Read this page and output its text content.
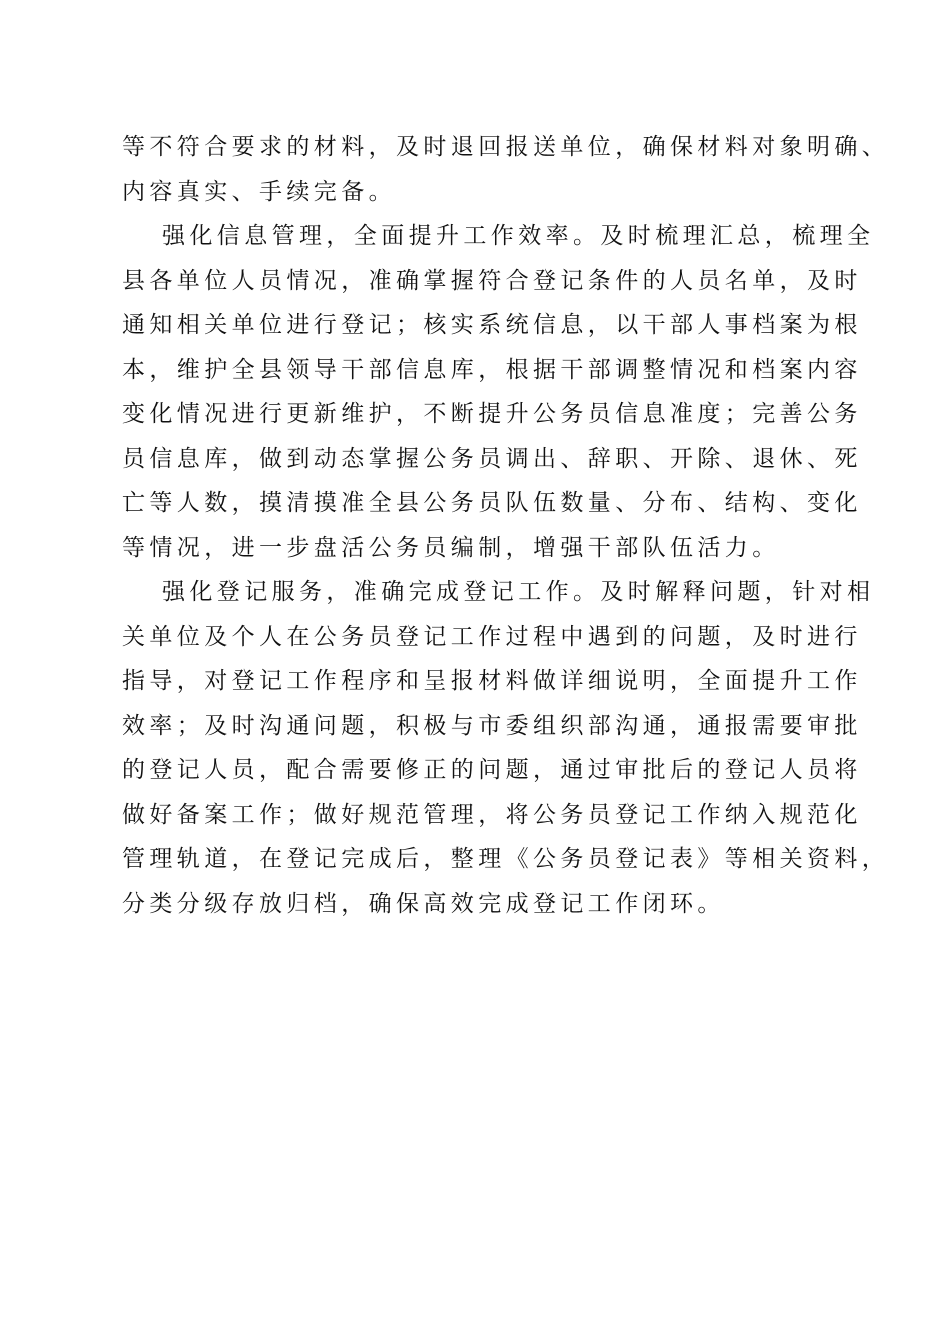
等不符合要求的材料，及时退回报送单位，确保材料对象明确、
内容真实、手续完备。
强化信息管理，全面提升工作效率。及时梳理汇总，梳理全
县各单位人员情况，准确掌握符合登记条件的人员名单，及时
通知相关单位进行登记；核实系统信息，以干部人事档案为根
本，维护全县领导干部信息库，根据干部调整情况和档案内容
变化情况进行更新维护，不断提升公务员信息准度；完善公务
员信息库，做到动态掌握公务员调出、辞职、开除、退休、死
亡等人数，摸清摸准全县公务员队伍数量、分布、结构、变化
等情况，进一步盘活公务员编制，增强干部队伍活力。
强化登记服务，准确完成登记工作。及时解释问题，针对相
关单位及个人在公务员登记工作过程中遇到的问题，及时进行
指导，对登记工作程序和呈报材料做详细说明，全面提升工作
效率；及时沟通问题，积极与市委组织部沟通，通报需要审批
的登记人员，配合需要修正的问题，通过审批后的登记人员将
做好备案工作；做好规范管理，将公务员登记工作纳入规范化
管理轨道，在登记完成后，整理《公务员登记表》等相关资料，
分类分级存放归档，确保高效完成登记工作闭环。
